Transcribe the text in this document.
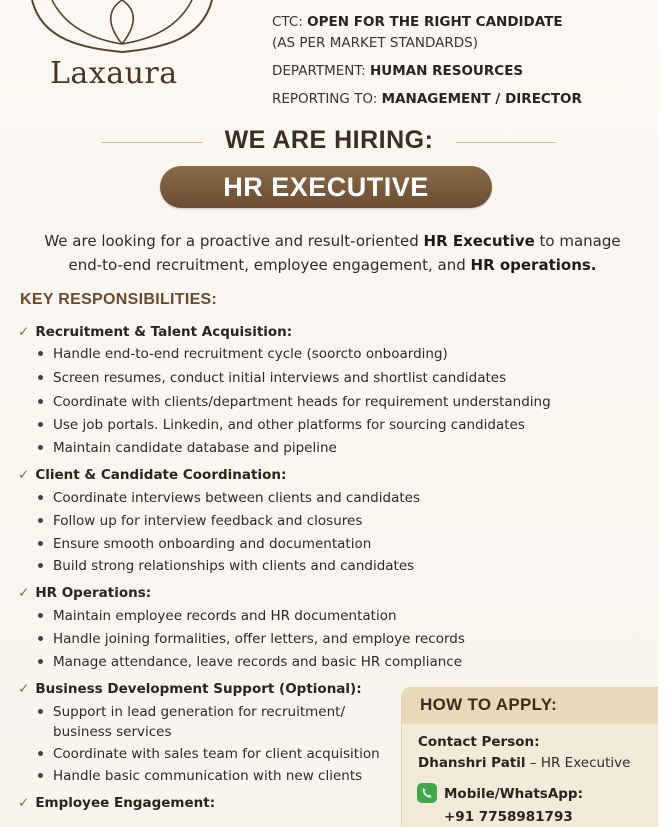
Laxaura

CTC: OPEN FOR THE RIGHT CANDIDATE

(AS PER MARKET STANDARDS)

DEPARTMENT: HUMAN RESOURCES

REPORTING TO: MANAGEMENT / DIRECTOR

WE ARE HIRING:
HR EXECUTIVE
We are looking for a proactive and result-oriented HR Executive to manage
end-to-end recruitment, employee engagement, and HR operations.
KEY RESPONSIBILITIES:
✓ Recruitment & Talent Acquisition:
Handle end-to-end recruitment cycle (soorcto onboarding)
Screen resumes, conduct initial interviews and shortlist candidates
Coordinate with clients/department heads for requirement understanding
Use job portals. Linkedin, and other platforms for sourcing candidates
Maintain candidate database and pipeline
✓ Client & Candidate Coordination:
Coordinate interviews between clients and candidates
Follow up for interview feedback and closures
Ensure smooth onboarding and documentation
Build strong relationships with clients and candidates
✓ HR Operations:
Maintain employee records and HR documentation
Handle joining formalities, offer letters, and employe records
Manage attendance, leave records and basic HR compliance
✓ Business Development Support (Optional):
Support in lead generation for recruitment/
business services
Coordinate with sales team for client acquisition
Handle basic communication with new clients
✓ Employee Engagement:
HOW TO APPLY:
Contact Person:
Dhanshri Patil – HR Executive
Mobile/WhatsApp:
+91 7758981793
